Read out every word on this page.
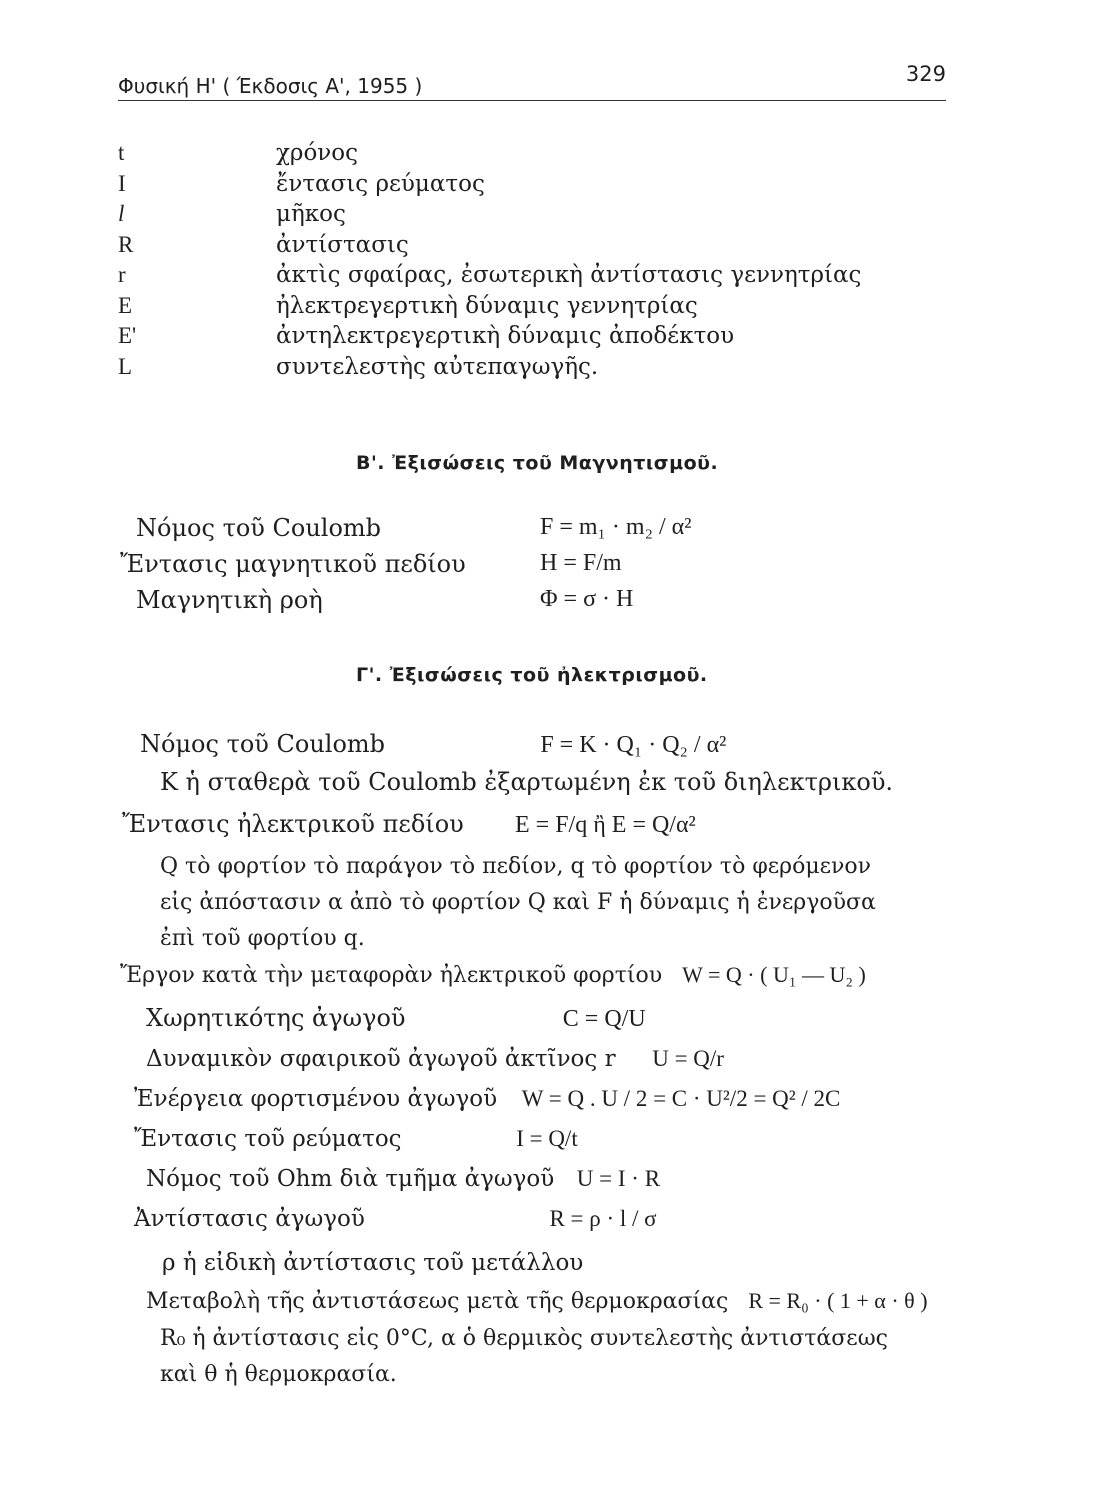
Φυσική Η' ( Έκδοσις Α', 1955 )	329
t	χρόνος
I	ἔντασις ρεύματος
l	μῆκος
R	ἀντίστασις
r	ἀκτὶς σφαίρας, ἐσωτερικὴ ἀντίστασις γεννητρίας
E	ἠλεκτρεγερτικὴ δύναμις γεννητρίας
E'	ἀντηλεκτρεγερτικὴ δύναμις ἀποδέκτου
L	συντελεστὴς αὐτεπαγωγῆς.
Β'. Ἐξισώσεις τοῦ Μαγνητισμοῦ.
Νόμος τοῦ Coulomb	F = m₁ · m₂ / α²
Ἔντασις μαγνητικοῦ πεδίου	H = F/m
Μαγνητικὴ ροὴ	Φ = σ · H
Γ'. Ἐξισώσεις τοῦ ἠλεκτρισμοῦ.
Νόμος τοῦ Coulomb	F = K · Q₁ · Q₂ / α²
K ἡ σταθερὰ τοῦ Coulomb ἐξαρτωμένη ἐκ τοῦ διηλεκτρικοῦ.
Ἔντασις ἠλεκτρικοῦ πεδίου E = F/q ἢ E = Q/α²
Q τὸ φορτίον τὸ παράγον τὸ πεδίον, q τὸ φορτίον τὸ φερόμενον
εἰς ἀπόστασιν α ἀπὸ τὸ φορτίον Q καὶ F ἡ δύναμις ἡ ἐνεργοῦσα
ἐπὶ τοῦ φορτίου q.
Ἔργον κατὰ τὴν μεταφορὰν ἠλεκτρικοῦ φορτίου W = Q · ( U₁ — U₂ )
Χωρητικότης ἀγωγοῦ	C = Q/U
Δυναμικὸν σφαιρικοῦ ἀγωγοῦ ἀκτῖνος r U = Q/r
Ἐνέργεια φορτισμένου ἀγωγοῦ W = Q . U / 2 = C · U²/2 = Q² / 2C
Ἔντασις τοῦ ρεύματος	I = Q/t
Νόμος τοῦ Ohm διὰ τμῆμα ἀγωγοῦ U = I · R
Ἀντίστασις ἀγωγοῦ	R = ρ · l / σ
ρ ἡ εἰδικὴ ἀντίστασις τοῦ μετάλλου
Μεταβολὴ τῆς ἀντιστάσεως μετὰ τῆς θερμοκρασίας R = R₀ · ( 1 + α · θ )
R₀ ἡ ἀντίστασις εἰς 0°C, α ὁ θερμικὸς συντελεστὴς ἀντιστάσεως
καὶ θ ἡ θερμοκρασία.
